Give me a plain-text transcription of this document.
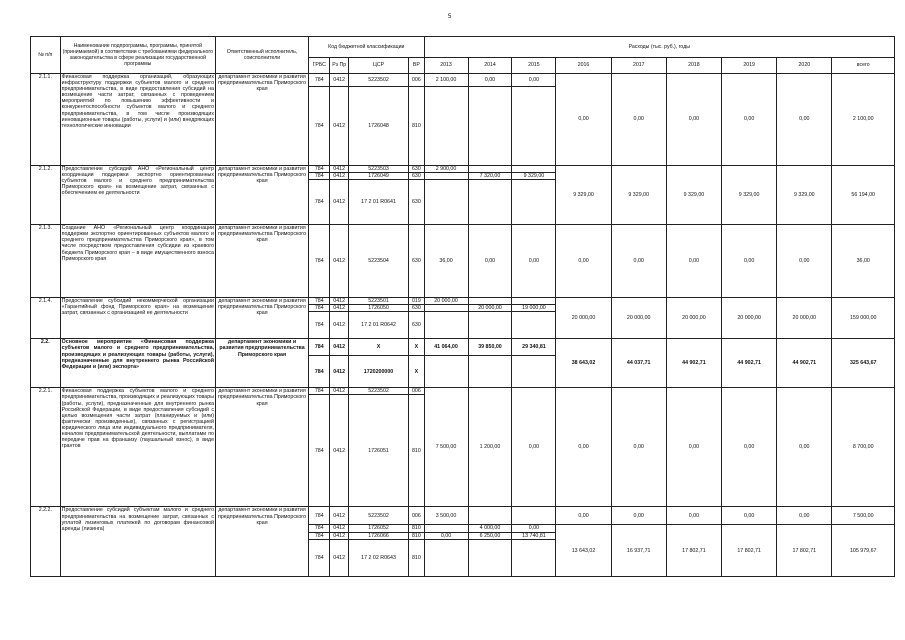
5
№ п/п	Наименование подпрограммы, программы, принятой (принимаемой) в соответствии с требованиями федерального законодательства в сфере реализации государственной программы	Ответственный исполнитель, соисполнители	Код бюджетной классификации				Расходы (тыс. руб.), годы								
			ГРБС	Рз Пр	ЦСР	ВР	2013	2014	2015	2016	2017	2018	2019	2020	всего
2.1.1.	Финансовая поддержка организаций, образующих инфраструктуру поддержки субъектов малого и среднего предпринимательства, в виде предоставления субсидий на возмещение части затрат, связанных с проведением мероприятий по повышению эффективности и конкурентоспособности субъектов малого и среднего предпринимательства, в том числе производящих инновационные товары (работы, услуги) и (или) внедряющих технологические инновации	департамент экономики и развития предпринимательства Приморского края	784	0412	5223502	006	2 100,00	0,00	0,00	0,00	0,00	0,00	0,00	0,00	2 100,00
			784	0412	1726048	810									
2.1.2.	Предоставление субсидий АНО «Региональный центр координации поддержки экспортно ориентированных субъектов малого и среднего предпринимательства Приморского края» на возмещение затрат, связанных с обеспечением ее деятельности	департамент экономики и развития предпринимательства Приморского края	784	0412	5223503	630	2 900,00			9 329,00	9 329,00	9 329,00	9 329,00	9 329,00	56 194,00
			784	0412	1726049	630		7 320,00	9 329,00						
			784	0412	17 2 01 R0641	630									
2.1.3.	Создание АНО «Региональный центр координации поддержки экспортно ориентированных субъектов малого и среднего предпринимательства Приморского края», в том числе посредством предоставления субсидии из краевого бюджета Приморского края – в виде имущественного взноса Приморского края	департамент экономики и развития предпринимательства Приморского края	784	0412	5223504	630	36,00	0,00	0,00	0,00	0,00	0,00	0,00	0,00	36,00
2.1.4.	Предоставление субсидий некоммерческой организации «Гарантийный фонд Приморского края» на возмещение затрат, связанных с организацией ее деятельности	департамент экономики и развития предпринимательства Приморского края	784	0412	5223501	019	20 000,00			20 000,00	20 000,00	20 000,00	20 000,00	20 000,00	159 000,00
			784	0412	1726050	630		20 000,00	19 000,00						
			784	0412	17 2 01 R0642	630									
2.2.	Основное мероприятие «Финансовая поддержка субъектов малого и среднего предпринимательства, производящих и реализующих товары (работы, услуги), предназначенные для внутреннего рынка Российской Федерации и (или) экспорта»	департамент экономики и развития предпринимательства Приморского края	784	0412	X	X	41 064,00	39 850,00	29 340,81	38 643,02	44 037,71	44 902,71	44 902,71	44 902,71	325 643,67
			784	0412	1720200000	X									
2.2.1.	Финансовая поддержка субъектов малого и среднего предпринимательства, производящих и реализующих товары (работы, услуги), предназначенные для внутреннего рынка Российской Федерации, в виде предоставления субсидий с целью возмещения части затрат (планируемых и (или) фактически произведенных), связанных с регистрацией юридического лица или индивидуального предпринимателя, началом предпринимательской деятельности, выплатами по передаче прав на франшизу (паушальный взнос), в виде грантов	департамент экономики и развития предпринимательства Приморского края	784	0412	5223502	006	7 500,00	1 200,00	0,00	0,00	0,00	0,00	0,00	0,00	8 700,00
			784	0412	1726051	810									
2.2.2.	Предоставление субсидий субъектам малого и среднего предпринимательства на возмещение затрат, связанных с уплатой лизинговых платежей по договорам финансовой аренды (лизинга)	департамент экономики и развития предпринимательства Приморского края	784	0412	5223502	006	3 500,00			0,00	0,00	0,00	0,00	0,00	7 500,00
			784	0412	1726052	810		4 000,00	0,00	13 643,02	16 937,71	17 802,71	17 802,71	17 802,71	105 979,67
			784	0412	1726066	810	0,00	6 250,00	13 740,81						
			784	0412	17 2 02 R0643	810									
